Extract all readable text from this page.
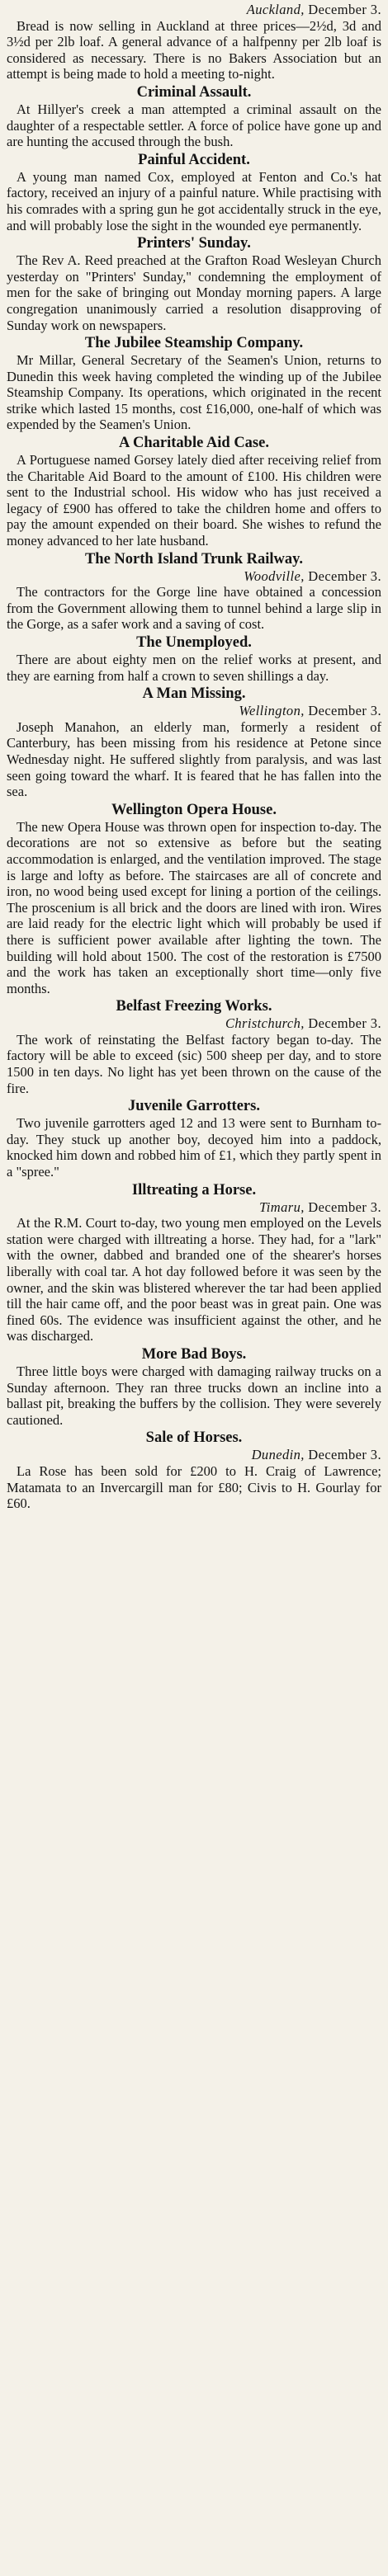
Auckland, December 3.

Bread is now selling in Auckland at three prices—2½d, 3d and 3½d per 2lb loaf. A general advance of a halfpenny per 2lb loaf is considered as necessary. There is no Bakers Association but an attempt is being made to hold a meeting to-night.

Criminal Assault.

At Hillyer's creek a man attempted a criminal assault on the daughter of a respectable settler. A force of police have gone up and are hunting the accused through the bush.

Painful Accident.

A young man named Cox, employed at Fenton and Co.'s hat factory, received an injury of a painful nature. While practising with his comrades with a spring gun he got accidentally struck in the eye, and will probably lose the sight in the wounded eye permanently.

Printers' Sunday.

The Rev A. Reed preached at the Grafton Road Wesleyan Church yesterday on "Printers' Sunday," condemning the employment of men for the sake of bringing out Monday morning papers. A large congregation unanimously carried a resolution disapproving of Sunday work on newspapers.

The Jubilee Steamship Company.

Mr Millar, General Secretary of the Seamen's Union, returns to Dunedin this week having completed the winding up of the Jubilee Steamship Company. Its operations, which originated in the recent strike which lasted 15 months, cost £16,000, one-half of which was expended by the Seamen's Union.

A Charitable Aid Case.

A Portuguese named Gorsey lately died after receiving relief from the Charitable Aid Board to the amount of £100. His children were sent to the Industrial school. His widow who has just received a legacy of £900 has offered to take the children home and offers to pay the amount expended on their board. She wishes to refund the money advanced to her late husband.

The North Island Trunk Railway.

Woodville, December 3.

The contractors for the Gorge line have obtained a concession from the Government allowing them to tunnel behind a large slip in the Gorge, as a safer work and a saving of cost.

The Unemployed.

There are about eighty men on the relief works at present, and they are earning from half a crown to seven shillings a day.

A Man Missing.

Wellington, December 3.

Joseph Manahon, an elderly man, formerly a resident of Canterbury, has been missing from his residence at Petone since Wednesday night. He suffered slightly from paralysis, and was last seen going toward the wharf. It is feared that he has fallen into the sea.

Wellington Opera House.

The new Opera House was thrown open for inspection to-day. The decorations are not so extensive as before but the seating accommodation is enlarged, and the ventilation improved. The stage is large and lofty as before. The staircases are all of concrete and iron, no wood being used except for lining a portion of the ceilings. The proscenium is all brick and the doors are lined with iron. Wires are laid ready for the electric light which will probably be used if there is sufficient power available after lighting the town. The building will hold about 1500. The cost of the restoration is £7500 and the work has taken an exceptionally short time—only five months.

Belfast Freezing Works.

Christchurch, December 3.

The work of reinstating the Belfast factory began to-day. The factory will be able to exceed (sic) 500 sheep per day, and to store 1500 in ten days. No light has yet been thrown on the cause of the fire.

Juvenile Garrotters.

Two juvenile garrotters aged 12 and 13 were sent to Burnham to-day. They stuck up another boy, decoyed him into a paddock, knocked him down and robbed him of £1, which they partly spent in a "spree."

Illtreating a Horse.

Timaru, December 3.

At the R.M. Court to-day, two young men employed on the Levels station were charged with illtreating a horse. They had, for a "lark" with the owner, dabbed and branded one of the shearer's horses liberally with coal tar. A hot day followed before it was seen by the owner, and the skin was blistered wherever the tar had been applied till the hair came off, and the poor beast was in great pain. One was fined 60s. The evidence was insufficient against the other, and he was discharged.

More Bad Boys.

Three little boys were charged with damaging railway trucks on a Sunday afternoon. They ran three trucks down an incline into a ballast pit, breaking the buffers by the collision. They were severely cautioned.

Sale of Horses.

Dunedin, December 3.

La Rose has been sold for £200 to H. Craig of Lawrence; Matamata to an Invercargill man for £80; Civis to H. Gourlay for £60.
